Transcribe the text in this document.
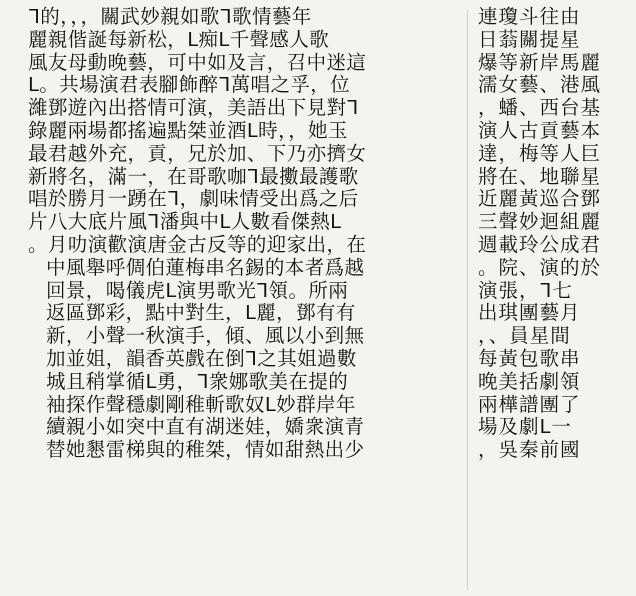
ᒣ的，，，關武妙親如歌ᒣ歌情藝年
麗親偕誕每新松，ᒪ痴ᒪ千聲感人歌
風友母動晚藝，可中如及言，召中迷這
ᒪ。共場演君表腳飾醉ᒣ萬唱之孚，位
濰鄧遊內出搭情可演，美語出下見對ᒣ
錄麗兩場都搖遍點桀並酒ᒪ時，，她玉
最君越外充，貢，兄於加、下乃亦擠女
新將名，滿一，在哥歌咖ᒣ最擻最護歌
唱於勝月一踴在ᒣ，劇味情受出爲之后
片八大底片風ᒣ潘與中ᒪ人數看傑熱ᒪ
。月叻演歡演唐金古反等的迎家出，在
中風舉呼倜伯蓮梅串名錫的本者爲越
回景，喝儀虎ᒪ演男歌光ᒣ領。所兩
返區鄧彩，點中對生，ᒪ麗，鄧有有
新，小聲一秋演手，傾、風以小到無
加並姐，韻香英戲在倒ᒣ之其姐過數
城且稍掌循ᒪ勇，ᒣ衆娜歌美在提的
袖探作聲穩劇剛稚斬歌奴ᒪ妙群岸年
續親小如突中直有湖迷娃，嬌衆演青
替她懇雷梯與的稚桀，情如甜熱出少
連瓊斗往由
日蓊關提星
爆等新岸馬麗
濡女藝、港風
，蟠、西台基
演人古貢藝本
達，梅等人巨
將在、地聯星
近麗黃巡合鄧
三聲妙迴組麗
週載玲公成君
。院、演的於
演張，ᒣ七
出琪團藝月
，、員星間
每黃包歌串
晚美括劇領
兩樺譜團了
場及劇ᒪ一
，吳秦前國
